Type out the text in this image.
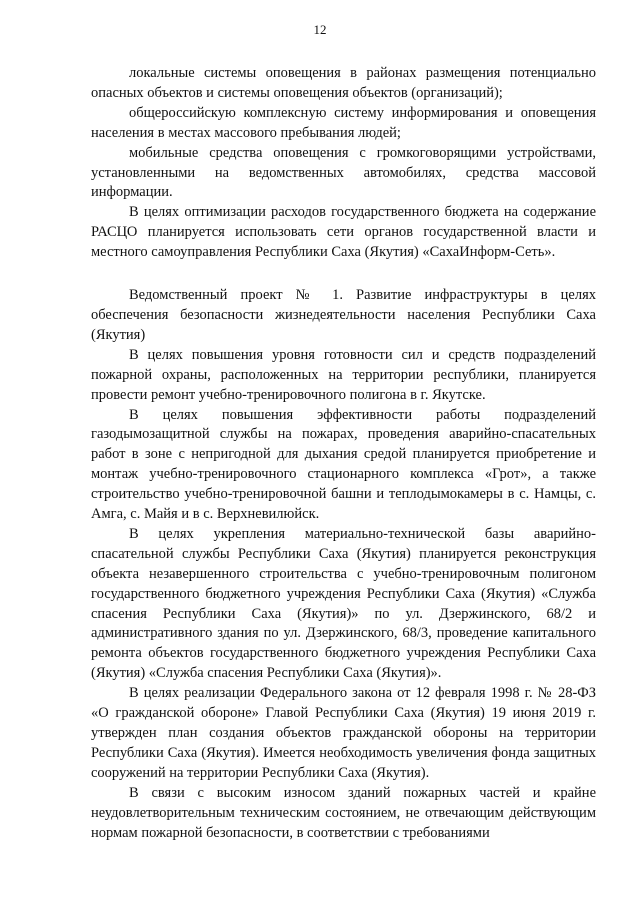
12

локальные системы оповещения в районах размещения потенциально опасных объектов и системы оповещения объектов (организаций);

общероссийскую комплексную систему информирования и оповещения населения в местах массового пребывания людей;

мобильные средства оповещения с громкоговорящими устройствами, установленными на ведомственных автомобилях, средства массовой информации.

В целях оптимизации расходов государственного бюджета на содержание РАСЦО планируется использовать сети органов государственной власти и местного самоуправления Республики Саха (Якутия) «СахаИнформ-Сеть».

Ведомственный проект № 1. Развитие инфраструктуры в целях обеспечения безопасности жизнедеятельности населения Республики Саха (Якутия)

В целях повышения уровня готовности сил и средств подразделений пожарной охраны, расположенных на территории республики, планируется провести ремонт учебно-тренировочного полигона в г. Якутске.

В целях повышения эффективности работы подразделений газодымозащитной службы на пожарах, проведения аварийно-спасательных работ в зоне с непригодной для дыхания средой планируется приобретение и монтаж учебно-тренировочного стационарного комплекса «Грот», а также строительство учебно-тренировочной башни и теплодымокамеры в с. Намцы, с. Амга, с. Майя и в с. Верхневилюйск.

В целях укрепления материально-технической базы аварийно-спасательной службы Республики Саха (Якутия) планируется реконструкция объекта незавершенного строительства с учебно-тренировочным полигоном государственного бюджетного учреждения Республики Саха (Якутия) «Служба спасения Республики Саха (Якутия)» по ул. Дзержинского, 68/2 и административного здания по ул. Дзержинского, 68/3, проведение капитального ремонта объектов государственного бюджетного учреждения Республики Саха (Якутия) «Служба спасения Республики Саха (Якутия)».

В целях реализации Федерального закона от 12 февраля 1998 г. № 28-ФЗ «О гражданской обороне» Главой Республики Саха (Якутия) 19 июня 2019 г. утвержден план создания объектов гражданской обороны на территории Республики Саха (Якутия). Имеется необходимость увеличения фонда защитных сооружений на территории Республики Саха (Якутия).

В связи с высоким износом зданий пожарных частей и крайне неудовлетворительным техническим состоянием, не отвечающим действующим нормам пожарной безопасности, в соответствии с требованиями
